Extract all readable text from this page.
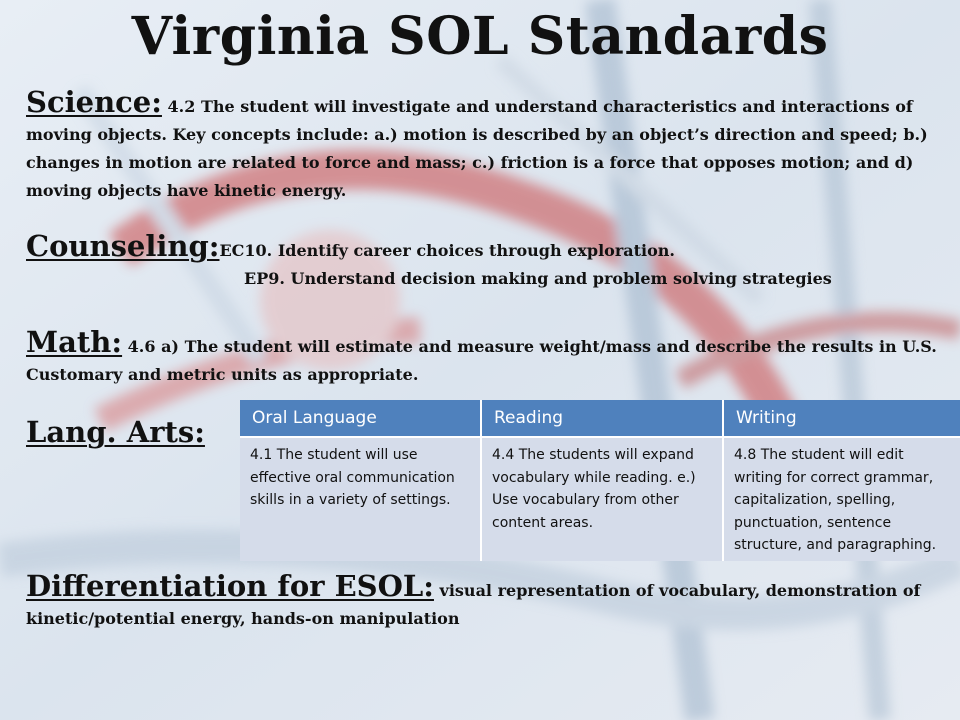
Virginia SOL Standards
Science: 4.2 The student will investigate and understand characteristics and interactions of moving objects. Key concepts include: a.) motion is described by an object’s direction and speed; b.) changes in motion are related to force and mass; c.) friction is a force that opposes motion; and d) moving objects have kinetic energy.
Counseling:EC10. Identify career choices through exploration.
EP9. Understand decision making and problem solving strategies
Math: 4.6 a) The student will estimate and measure weight/mass and describe the results in U.S. Customary and metric units as appropriate.
Lang. Arts:	Oral Language	Reading	Writing
4.1 The student will use effective oral communication skills in a variety of settings.	4.4 The students will expand vocabulary while reading. e.) Use vocabulary from other content areas.	4.8 The student will edit writing for correct grammar, capitalization, spelling, punctuation, sentence structure, and paragraphing.
Differentiation for ESOL: visual representation of vocabulary, demonstration of kinetic/potential energy, hands-on manipulation
